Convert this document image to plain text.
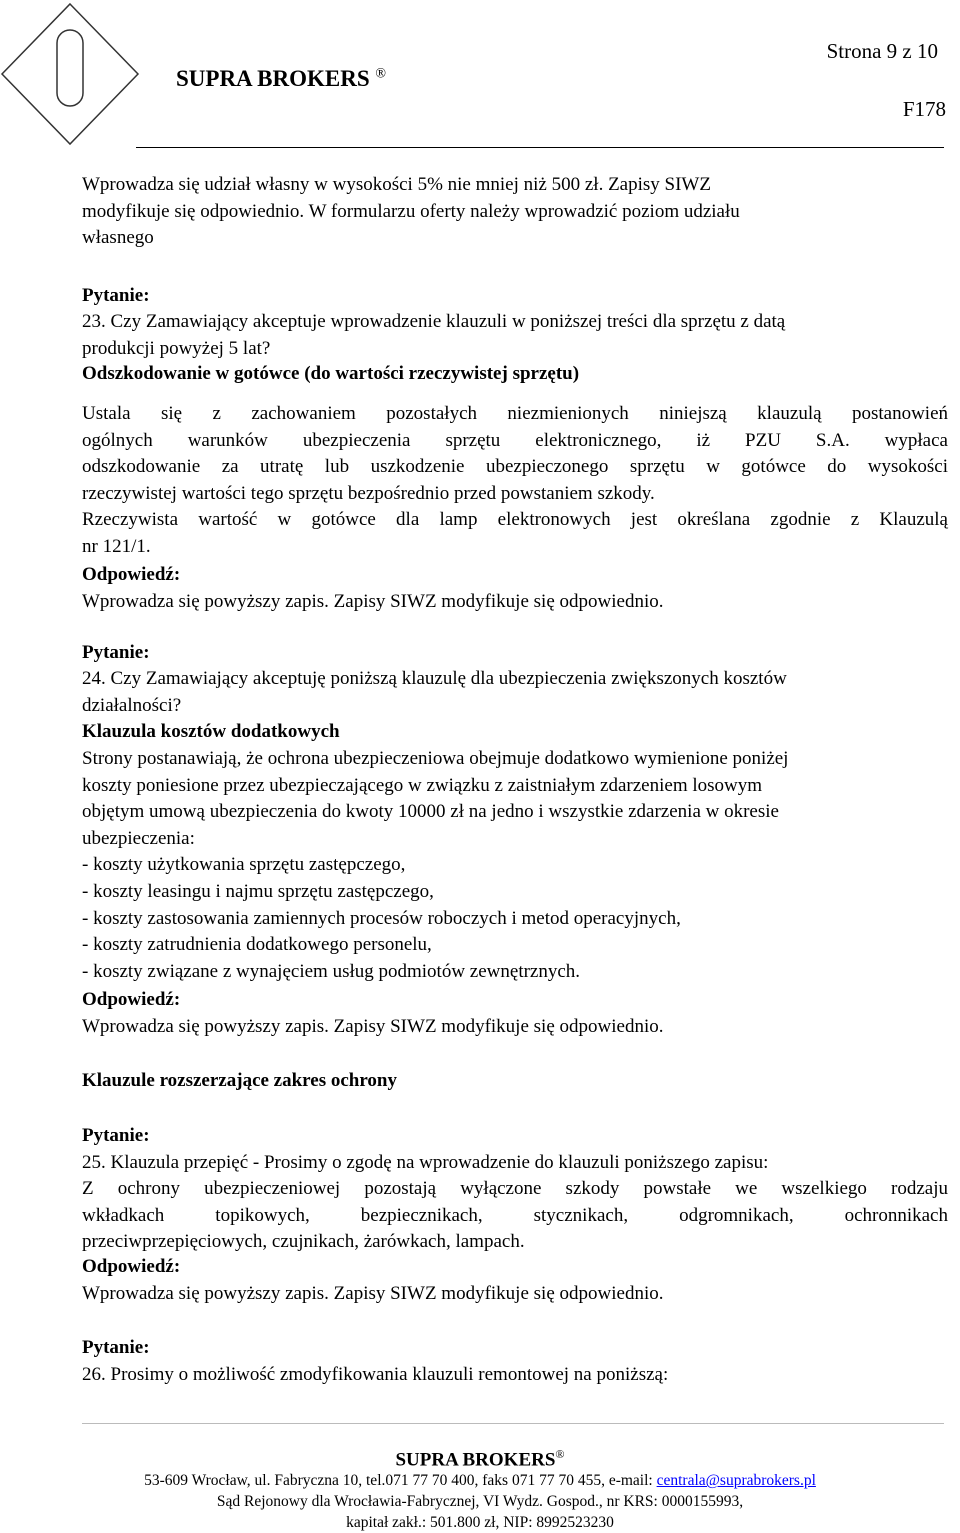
Strona 9 z 10
SUPRA BROKERS ®
F178

Wprowadza się udział własny w wysokości 5% nie mniej niż 500 zł. Zapisy SIWZ

modyfikuje się odpowiednio. W formularzu oferty należy wprowadzić poziom udziału

własnego

Pytanie:

23. Czy Zamawiający akceptuje wprowadzenie klauzuli w poniższej treści dla sprzętu z datą

produkcji powyżej 5 lat?

Odszkodowanie w gotówce (do wartości rzeczywistej sprzętu)

Ustala się z zachowaniem pozostałych niezmienionych niniejszą klauzulą postanowień

ogólnych warunków ubezpieczenia sprzętu elektronicznego, iż PZU S.A. wypłaca

odszkodowanie za utratę lub uszkodzenie ubezpieczonego sprzętu w gotówce do wysokości

rzeczywistej wartości tego sprzętu bezpośrednio przed powstaniem szkody.

Rzeczywista wartość w gotówce dla lamp elektronowych jest określana zgodnie z Klauzulą

nr 121/1.

Odpowiedź:
Wprowadza się powyższy zapis. Zapisy SIWZ modyfikuje się odpowiednio.
Pytanie:

24. Czy Zamawiający akceptuję poniższą klauzulę dla ubezpieczenia zwiększonych kosztów

działalności?

Klauzula kosztów dodatkowych

Strony postanawiają, że ochrona ubezpieczeniowa obejmuje dodatkowo wymienione poniżej

koszty poniesione przez ubezpieczającego w związku z zaistniałym zdarzeniem losowym

objętym umową ubezpieczenia do kwoty 10000 zł na jedno i wszystkie zdarzenia w okresie

ubezpieczenia:

- koszty użytkowania sprzętu zastępczego,

- koszty leasingu i najmu sprzętu zastępczego,

- koszty zastosowania zamiennych procesów roboczych i metod operacyjnych,

- koszty zatrudnienia dodatkowego personelu,

- koszty związane z wynajęciem usług podmiotów zewnętrznych.

Odpowiedź:
Wprowadza się powyższy zapis. Zapisy SIWZ modyfikuje się odpowiednio.
Klauzule rozszerzające zakres ochrony
Pytanie:
25. Klauzula przepięć - Prosimy o zgodę na wprowadzenie do klauzuli poniższego zapisu:

Z ochrony ubezpieczeniowej pozostają wyłączone szkody powstałe we wszelkiego rodzaju

wkładkach topikowych, bezpiecznikach, stycznikach, odgromnikach, ochronnikach

przeciwprzepięciowych, czujnikach, żarówkach, lampach.

Odpowiedź:
Wprowadza się powyższy zapis. Zapisy SIWZ modyfikuje się odpowiednio.
Pytanie:
26. Prosimy o możliwość zmodyfikowania klauzuli remontowej na poniższą:
SUPRA BROKERS®
53-609 Wrocław, ul. Fabryczna 10, tel.071 77 70 400, faks 071 77 70 455, e-mail: centrala@suprabrokers.pl
Sąd Rejonowy dla Wrocławia-Fabrycznej, VI Wydz. Gospod., nr KRS: 0000155993,
kapitał zakł.: 501.800 zł, NIP: 8992523230
